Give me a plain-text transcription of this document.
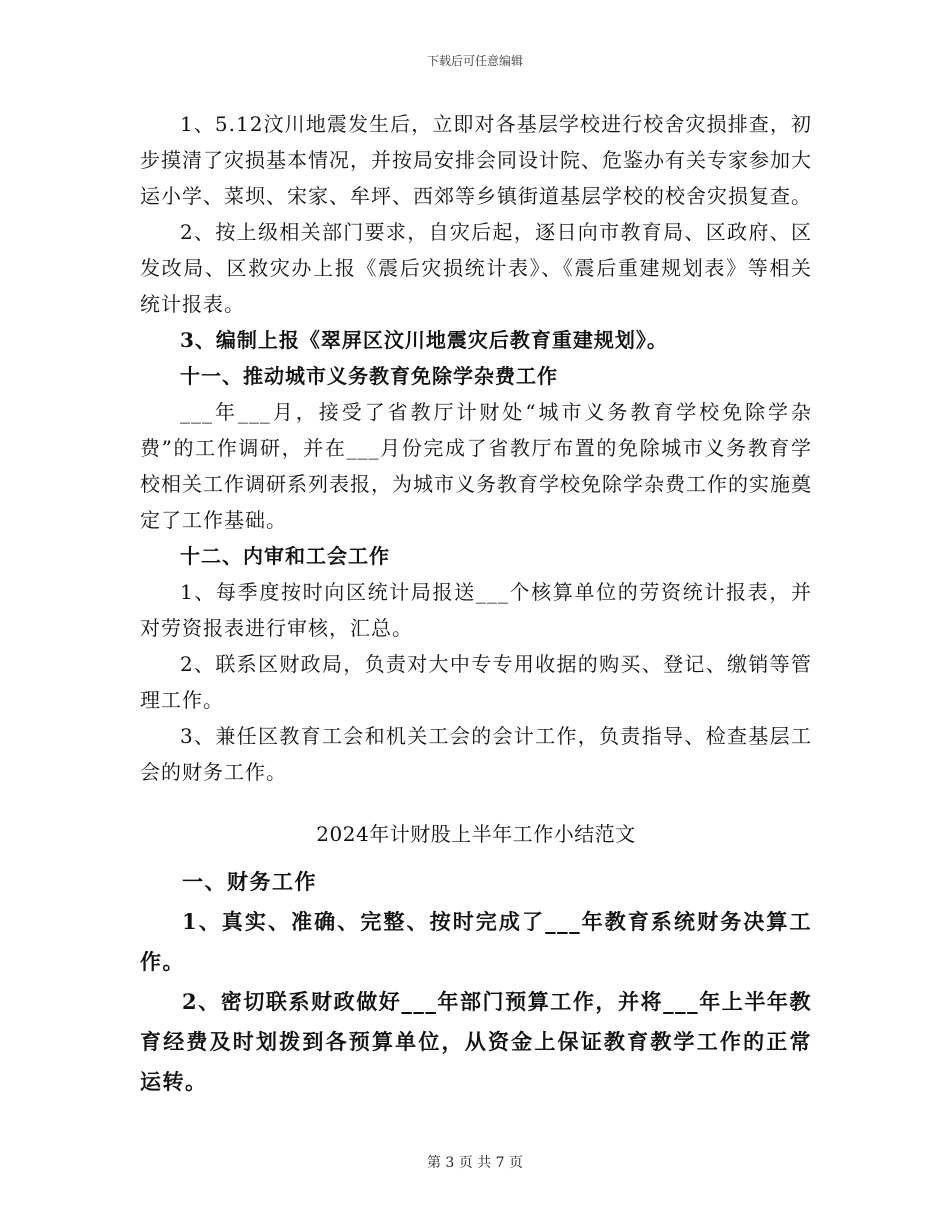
下载后可任意编辑

1、5.12汶川地震发生后，立即对各基层学校进行校舍灾损排查，初步摸清了灾损基本情况，并按局安排会同设计院、危鉴办有关专家参加大运小学、菜坝、宋家、牟坪、西郊等乡镇街道基层学校的校舍灾损复查。

2、按上级相关部门要求，自灾后起，逐日向市教育局、区政府、区发改局、区救灾办上报《震后灾损统计表》、《震后重建规划表》等相关统计报表。

3、编制上报《翠屏区汶川地震灾后教育重建规划》。

十一、推动城市义务教育免除学杂费工作

___年___月，接受了省教厅计财处“城市义务教育学校免除学杂费”的工作调研，并在___月份完成了省教厅布置的免除城市义务教育学校相关工作调研系列表报，为城市义务教育学校免除学杂费工作的实施奠定了工作基础。

十二、内审和工会工作

1、每季度按时向区统计局报送___个核算单位的劳资统计报表，并对劳资报表进行审核，汇总。

2、联系区财政局，负责对大中专专用收据的购买、登记、缴销等管理工作。

3、兼任区教育工会和机关工会的会计工作，负责指导、检查基层工会的财务工作。

2024年计财股上半年工作小结范文

一、财务工作

1、真实、准确、完整、按时完成了___年教育系统财务决算工作。

2、密切联系财政做好___年部门预算工作，并将___年上半年教育经费及时划拨到各预算单位，从资金上保证教育教学工作的正常运转。

第 3 页 共 7 页
